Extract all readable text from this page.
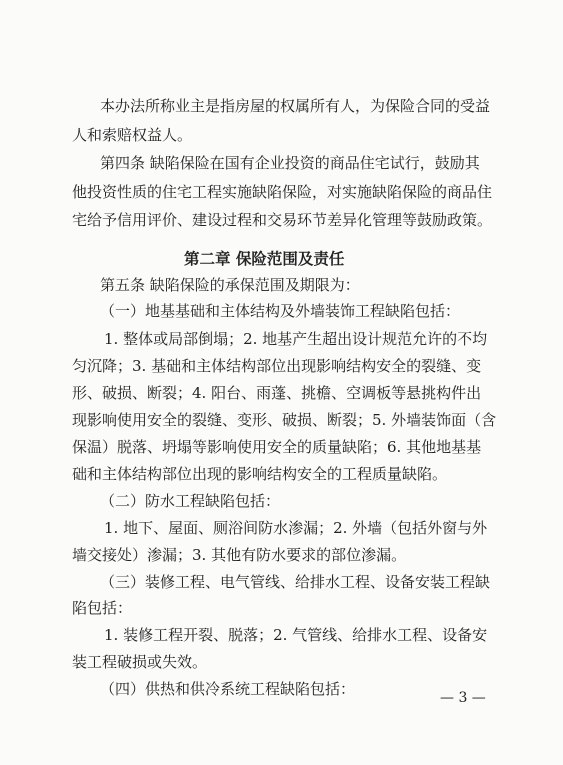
本办法所称业主是指房屋的权属所有人，为保险合同的受益
人和索赔权益人。
第四条 缺陷保险在国有企业投资的商品住宅试行，鼓励其
他投资性质的住宅工程实施缺陷保险，对实施缺陷保险的商品住
宅给予信用评价、建设过程和交易环节差异化管理等鼓励政策。
第二章 保险范围及责任
第五条 缺陷保险的承保范围及期限为：
（一）地基基础和主体结构及外墙装饰工程缺陷包括：
1. 整体或局部倒塌；2. 地基产生超出设计规范允许的不均
匀沉降；3. 基础和主体结构部位出现影响结构安全的裂缝、变
形、破损、断裂；4. 阳台、雨蓬、挑檐、空调板等悬挑构件出
现影响使用安全的裂缝、变形、破损、断裂；5. 外墙装饰面（含
保温）脱落、坍塌等影响使用安全的质量缺陷；6. 其他地基基
础和主体结构部位出现的影响结构安全的工程质量缺陷。
（二）防水工程缺陷包括：
1. 地下、屋面、厕浴间防水渗漏；2. 外墙（包括外窗与外
墙交接处）渗漏；3. 其他有防水要求的部位渗漏。
（三）装修工程、电气管线、给排水工程、设备安装工程缺
陷包括：
1. 装修工程开裂、脱落；2. 气管线、给排水工程、设备安
装工程破损或失效。
（四）供热和供冷系统工程缺陷包括：	— 3 —
